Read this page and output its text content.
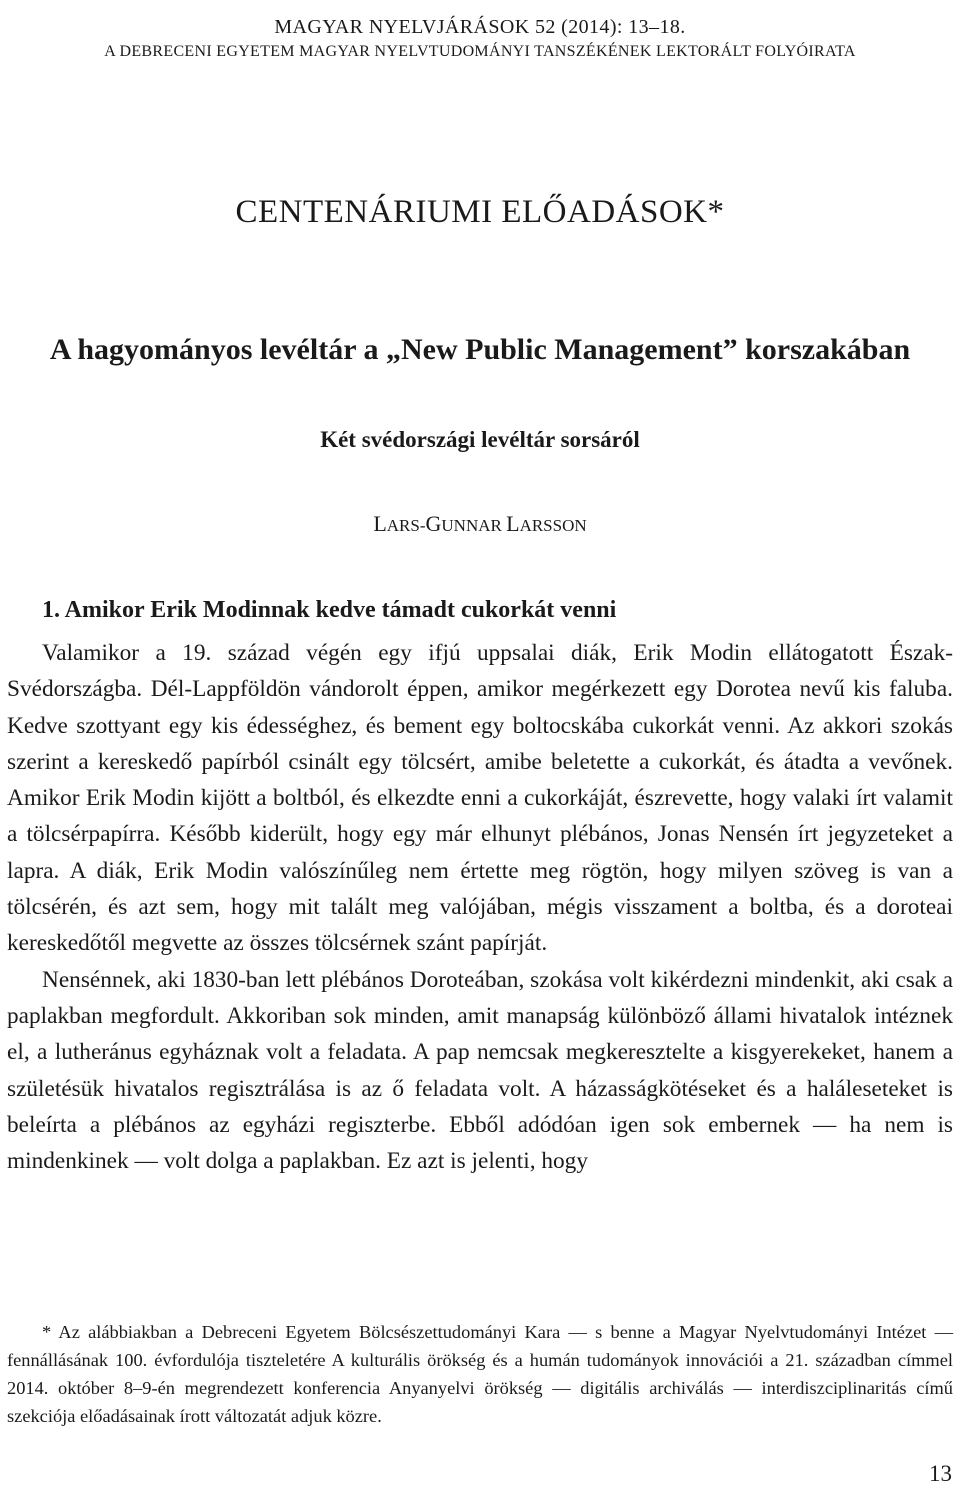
MAGYAR NYELVJÁRÁSOK 52 (2014): 13–18.
A DEBRECENI EGYETEM MAGYAR NYELVTUDOMÁNYI TANSZÉKÉNEK LEKTORÁLT FOLYÓIRATA
CENTENÁRIUMI ELŐADÁSOK*
A hagyományos levéltár a „New Public Management” korszakában
Két svédországi levéltár sorsáról
LARS-GUNNAR LARSSON
1. Amikor Erik Modinnak kedve támadt cukorkát venni

Valamikor a 19. század végén egy ifjú uppsalai diák, Erik Modin ellátogatott Észak-Svédországba. Dél-Lappföldön vándorolt éppen, amikor megérkezett egy Dorotea nevű kis faluba. Kedve szottyant egy kis édességhez, és bement egy boltocskába cukorkát venni. Az akkori szokás szerint a kereskedő papírból csinált egy tölcsért, amibe beletette a cukorkát, és átadta a vevőnek. Amikor Erik Modin kijött a boltból, és elkezdte enni a cukorkáját, észrevette, hogy valaki írt valamit a tölcsérpapírra. Később kiderült, hogy egy már elhunyt plébános, Jonas Nensén írt jegyzeteket a lapra. A diák, Erik Modin valószínűleg nem értette meg rögtön, hogy milyen szöveg is van a tölcsérén, és azt sem, hogy mit talált meg valójában, mégis visszament a boltba, és a doroteai kereskedőtől megvette az összes tölcsérnek szánt papírját.

Nensénnek, aki 1830-ban lett plébános Doroteában, szokása volt kikérdezni mindenkit, aki csak a paplakban megfordult. Akkoriban sok minden, amit manapság különböző állami hivatalok intéznek el, a lutheránus egyháznak volt a feladata. A pap nemcsak megkeresztelte a kisgyerekeket, hanem a születésük hivatalos regisztrálása is az ő feladata volt. A házasságkötéseket és a haláleseteket is beleírta a plébános az egyházi regiszterbe. Ebből adódóan igen sok embernek — ha nem is mindenkinek — volt dolga a paplakban. Ez azt is jelenti, hogy

* Az alábbiakban a Debreceni Egyetem Bölcsészettudományi Kara — s benne a Magyar Nyelvtudományi Intézet — fennállásának 100. évfordulója tiszteletére A kulturális örökség és a humán tudományok innovációi a 21. században címmel 2014. október 8–9-én megrendezett konferencia Anyanyelvi örökség — digitális archiválás — interdiszciplinaritás című szekciója előadásainak írott változatát adjuk közre.

13
